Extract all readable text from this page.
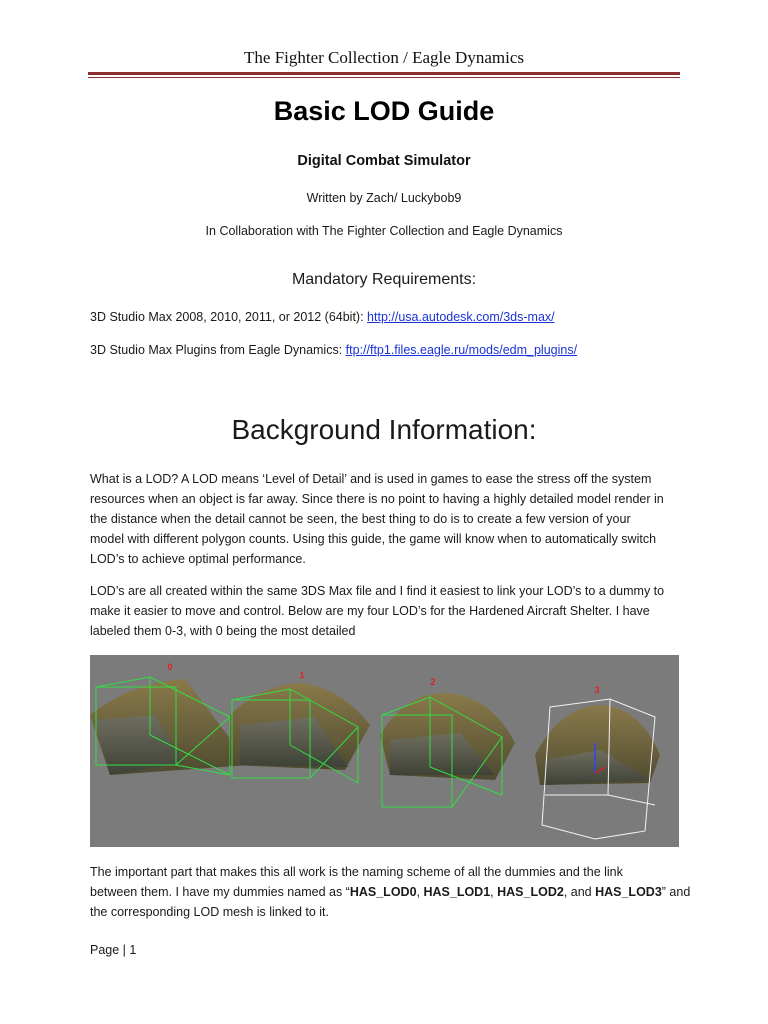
The Fighter Collection / Eagle Dynamics
Basic LOD Guide
Digital Combat Simulator
Written by Zach/ Luckybob9
In Collaboration with The Fighter Collection and Eagle Dynamics
Mandatory Requirements:
3D Studio Max 2008, 2010, 2011, or 2012 (64bit): http://usa.autodesk.com/3ds-max/
3D Studio Max Plugins from Eagle Dynamics: ftp://ftp1.files.eagle.ru/mods/edm_plugins/
Background Information:
What is a LOD? A LOD means ‘Level of Detail’ and is used in games to ease the stress off the system
resources when an object is far away. Since there is no point to having a highly detailed model render in
the distance when the detail cannot be seen, the best thing to do is to create a few version of your
model with different polygon counts. Using this guide, the game will know when to automatically switch
LOD’s to achieve optimal performance.
LOD’s are all created within the same 3DS Max file and I find it easiest to link your LOD’s to a dummy to
make it easier to move and control. Below are my four LOD’s for the Hardened Aircraft Shelter. I have
labeled them 0-3, with 0 being the most detailed
0
1
2
3
The important part that makes this all work is the naming scheme of all the dummies and the link
between them. I have my dummies named as “HAS_LOD0, HAS_LOD1, HAS_LOD2, and HAS_LOD3” and
the corresponding LOD mesh is linked to it.
Page | 1
